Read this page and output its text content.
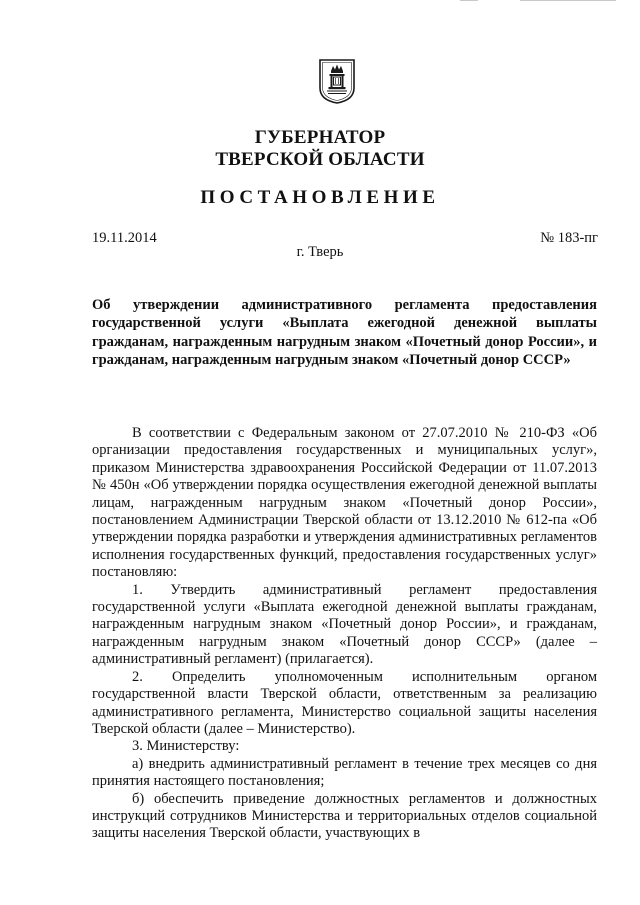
ГУБЕРНАТОР
ТВЕРСКОЙ ОБЛАСТИ
ПОСТАНОВЛЕНИЕ
19.11.2014	№ 183-пг
г. Тверь
Об утверждении административного регламента предоставления государственной услуги «Выплата ежегодной денежной выплаты гражданам, награжденным нагрудным знаком «Почетный донор России», и гражданам, награжденным нагрудным знаком «Почетный донор СССР»

В соответствии с Федеральным законом от 27.07.2010 № 210-ФЗ «Об организации предоставления государственных и муниципальных услуг», приказом Министерства здравоохранения Российской Федерации от 11.07.2013 № 450н «Об утверждении порядка осуществления ежегодной денежной выплаты лицам, награжденным нагрудным знаком «Почетный донор России», постановлением Администрации Тверской области от 13.12.2010 № 612-па «Об утверждении порядка разработки и утверждения административных регламентов исполнения государственных функций, предоставления государственных услуг» постановляю:

1. Утвердить административный регламент предоставления государственной услуги «Выплата ежегодной денежной выплаты гражданам, награжденным нагрудным знаком «Почетный донор России», и гражданам, награжденным нагрудным знаком «Почетный донор СССР» (далее – административный регламент) (прилагается).

2. Определить уполномоченным исполнительным органом государственной власти Тверской области, ответственным за реализацию административного регламента, Министерство социальной защиты населения Тверской области (далее – Министерство).

3. Министерству:

а) внедрить административный регламент в течение трех месяцев со дня принятия настоящего постановления;

б) обеспечить приведение должностных регламентов и должностных инструкций сотрудников Министерства и территориальных отделов социальной защиты населения Тверской области, участвующих в
